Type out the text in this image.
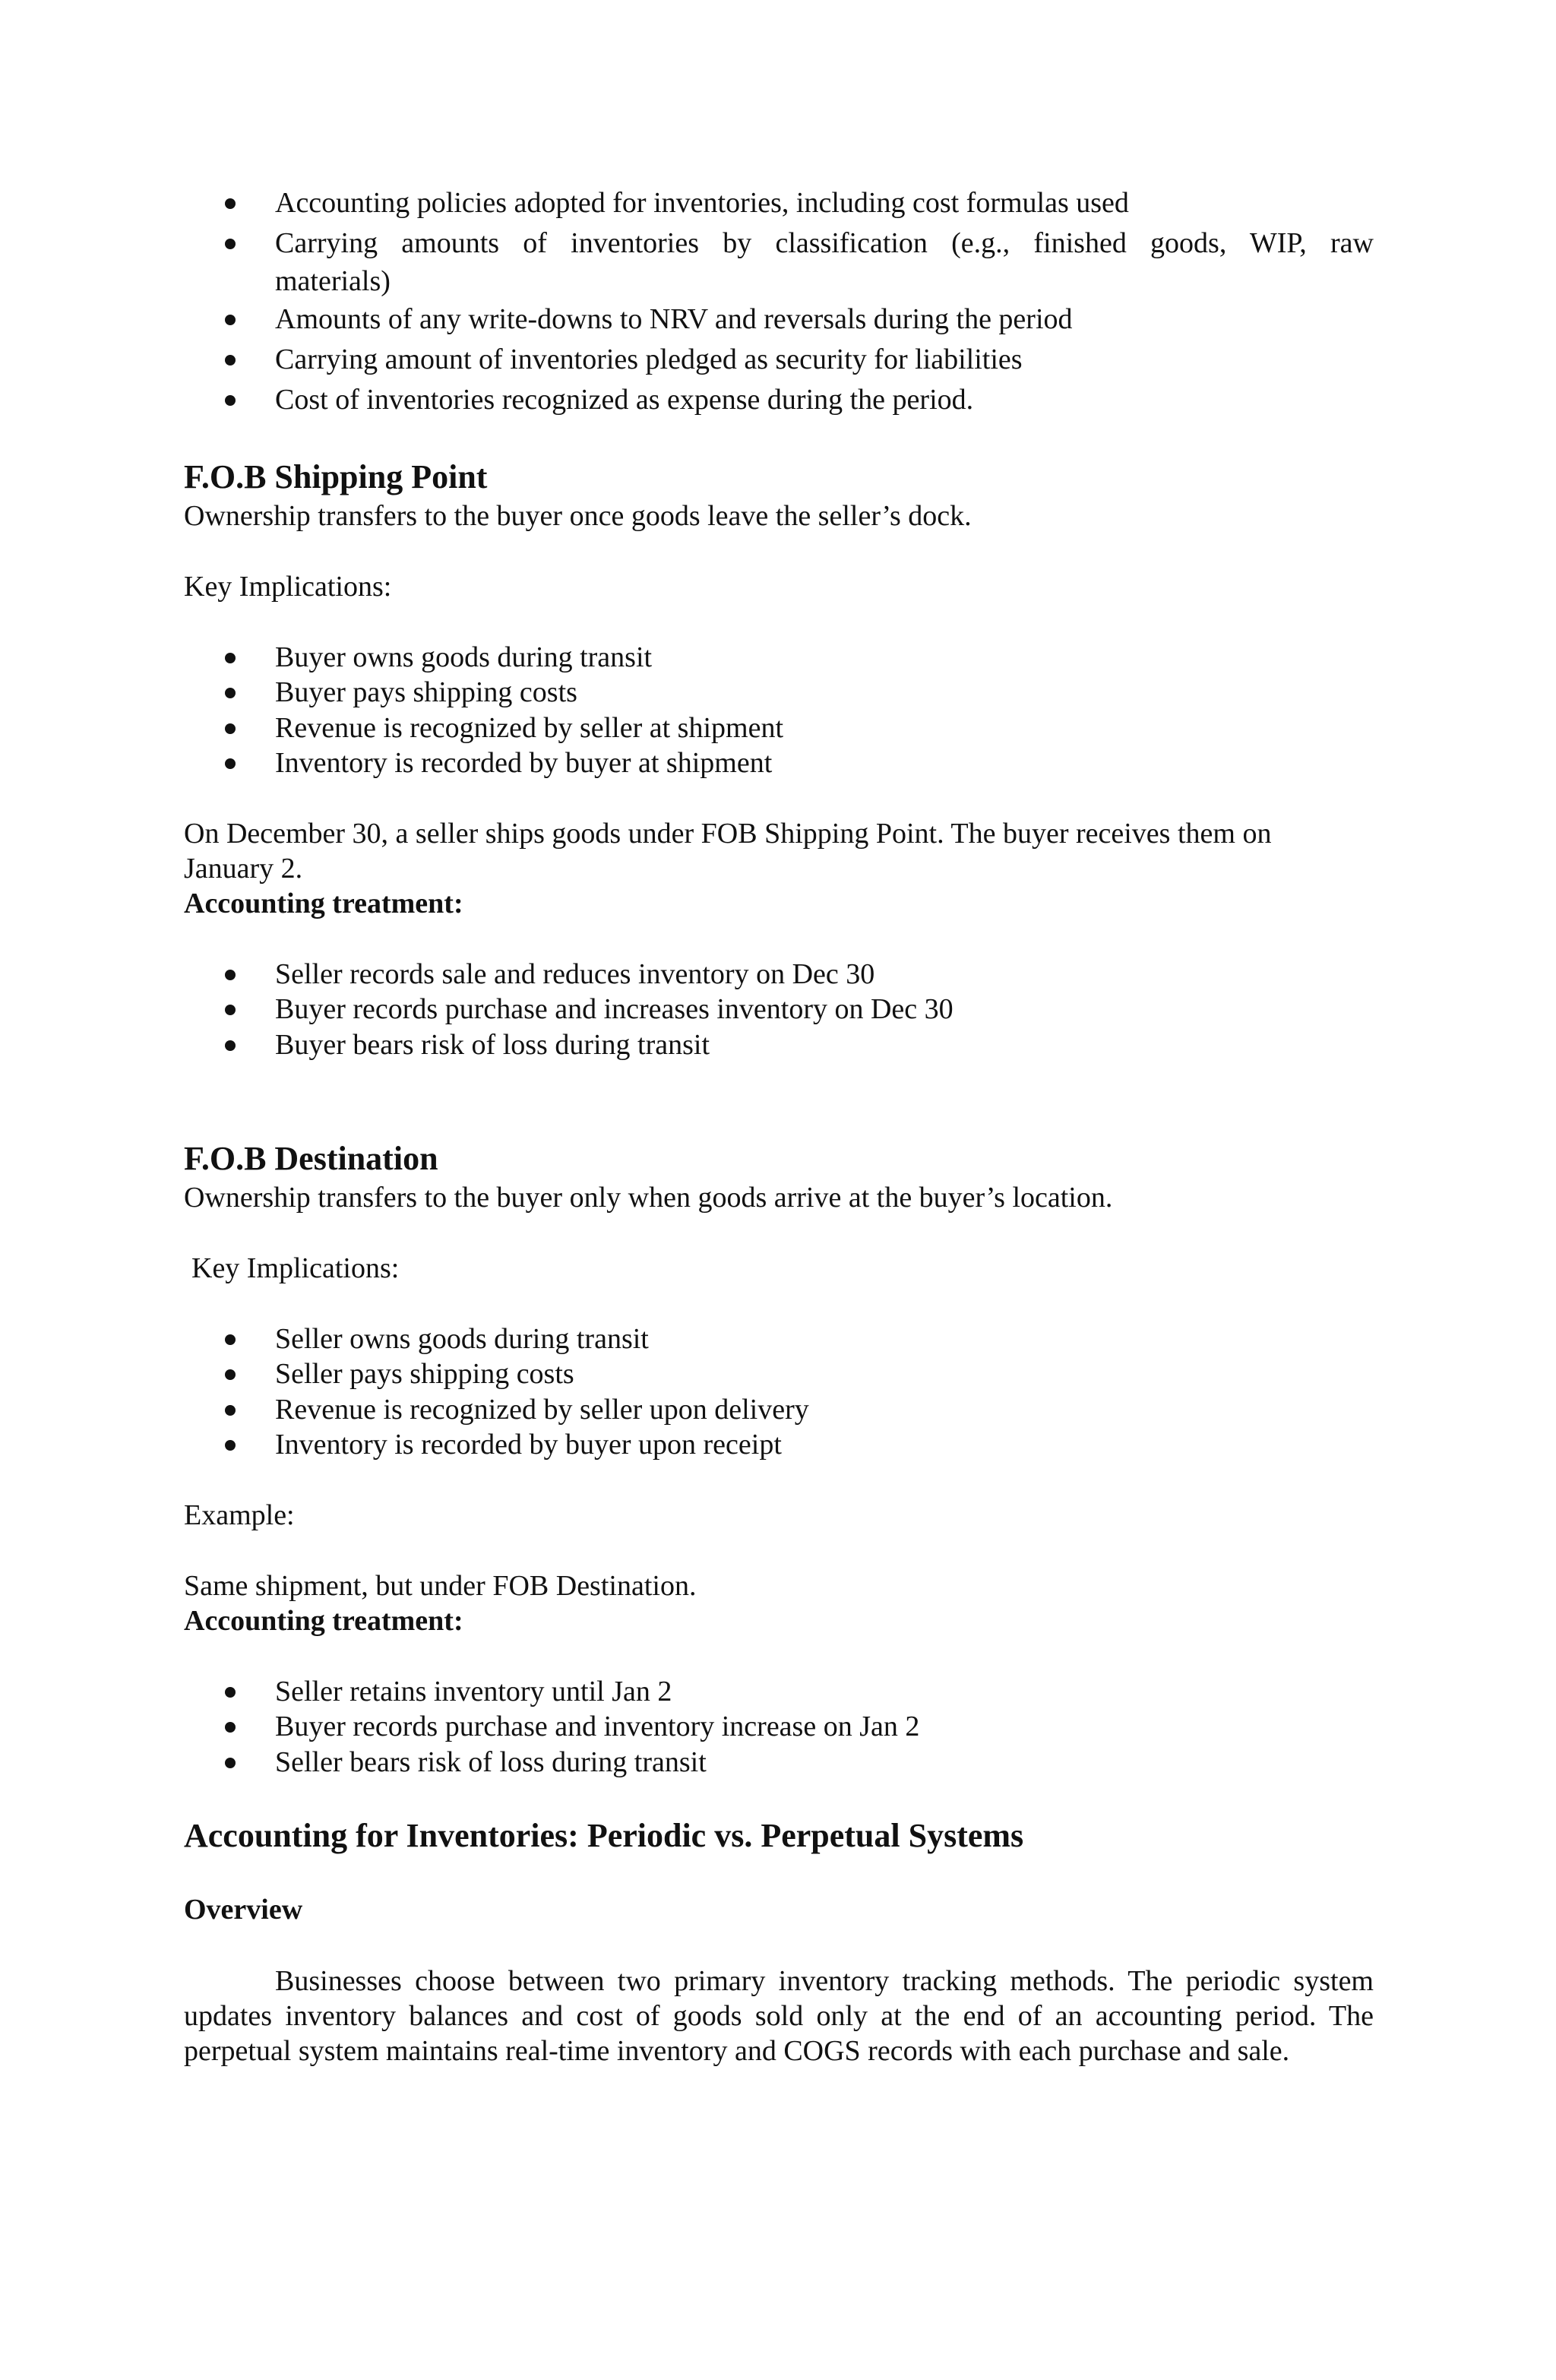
Accounting policies adopted for inventories, including cost formulas used
Carrying amounts of inventories by classification (e.g., finished goods, WIP, raw
materials)
Amounts of any write-downs to NRV and reversals during the period
Carrying amount of inventories pledged as security for liabilities
Cost of inventories recognized as expense during the period.
F.O.B Shipping Point
Ownership transfers to the buyer once goods leave the seller’s dock.
Key Implications:
Buyer owns goods during transit
Buyer pays shipping costs
Revenue is recognized by seller at shipment
Inventory is recorded by buyer at shipment
On December 30, a seller ships goods under FOB Shipping Point. The buyer receives them on
January 2.
Accounting treatment:
Seller records sale and reduces inventory on Dec 30
Buyer records purchase and increases inventory on Dec 30
Buyer bears risk of loss during transit
F.O.B Destination
Ownership transfers to the buyer only when goods arrive at the buyer’s location.
Key Implications:
Seller owns goods during transit
Seller pays shipping costs
Revenue is recognized by seller upon delivery
Inventory is recorded by buyer upon receipt
Example:
Same shipment, but under FOB Destination.
Accounting treatment:
Seller retains inventory until Jan 2
Buyer records purchase and inventory increase on Jan 2
Seller bears risk of loss during transit
Accounting for Inventories: Periodic vs. Perpetual Systems
Overview
Businesses choose between two primary inventory tracking methods. The periodic system
updates inventory balances and cost of goods sold only at the end of an accounting period. The
perpetual system maintains real-time inventory and COGS records with each purchase and sale.
